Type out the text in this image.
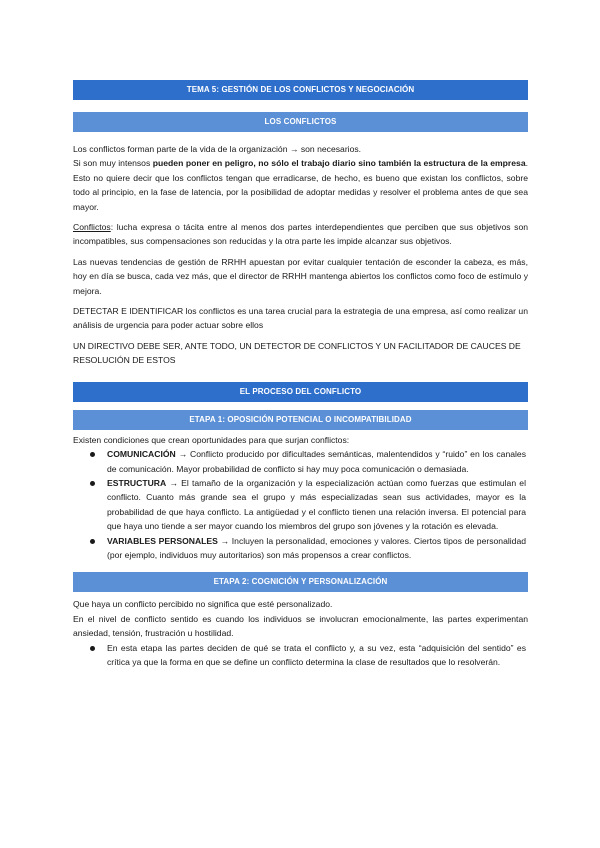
TEMA 5: GESTIÓN DE LOS CONFLICTOS Y NEGOCIACIÓN
LOS CONFLICTOS

Los conflictos forman parte de la vida de la organización → son necesarios.

Si son muy intensos pueden poner en peligro, no sólo el trabajo diario sino también la estructura de la empresa. Esto no quiere decir que los conflictos tengan que erradicarse, de hecho, es bueno que existan los conflictos, sobre todo al principio, en la fase de latencia, por la posibilidad de adoptar medidas y resolver el problema antes de que sea mayor.

Conflictos: lucha expresa o tácita entre al menos dos partes interdependientes que perciben que sus objetivos son incompatibles, sus compensaciones son reducidas y la otra parte les impide alcanzar sus objetivos.

Las nuevas tendencias de gestión de RRHH apuestan por evitar cualquier tentación de esconder la cabeza, es más, hoy en día se busca, cada vez más, que el director de RRHH mantenga abiertos los conflictos como foco de estímulo y mejora.

DETECTAR E IDENTIFICAR los conflictos es una tarea crucial para la estrategia de una empresa, así como realizar un análisis de urgencia para poder actuar sobre ellos

UN DIRECTIVO DEBE SER, ANTE TODO, UN DETECTOR DE CONFLICTOS Y UN FACILITADOR DE CAUCES DE RESOLUCIÓN DE ESTOS

EL PROCESO DEL CONFLICTO
ETAPA 1: OPOSICIÓN POTENCIAL O INCOMPATIBILIDAD

Existen condiciones que crean oportunidades para que surjan conflictos:

COMUNICACIÓN → Conflicto producido por dificultades semánticas, malentendidos y “ruido” en los canales de comunicación. Mayor probabilidad de conflicto si hay muy poca comunicación o demasiada.
ESTRUCTURA → El tamaño de la organización y la especialización actúan como fuerzas que estimulan el conflicto. Cuanto más grande sea el grupo y más especializadas sean sus actividades, mayor es la probabilidad de que haya conflicto. La antigüedad y el conflicto tienen una relación inversa. El potencial para que haya uno tiende a ser mayor cuando los miembros del grupo son jóvenes y la rotación es elevada.
VARIABLES PERSONALES → Incluyen la personalidad, emociones y valores. Ciertos tipos de personalidad (por ejemplo, individuos muy autoritarios) son más propensos a crear conflictos.
ETAPA 2: COGNICIÓN Y PERSONALIZACIÓN

Que haya un conflicto percibido no significa que esté personalizado.

En el nivel de conflicto sentido es cuando los individuos se involucran emocionalmente, las partes experimentan ansiedad, tensión, frustración u hostilidad.

En esta etapa las partes deciden de qué se trata el conflicto y, a su vez, esta “adquisición del sentido” es crítica ya que la forma en que se define un conflicto determina la clase de resultados que lo resolverán.
